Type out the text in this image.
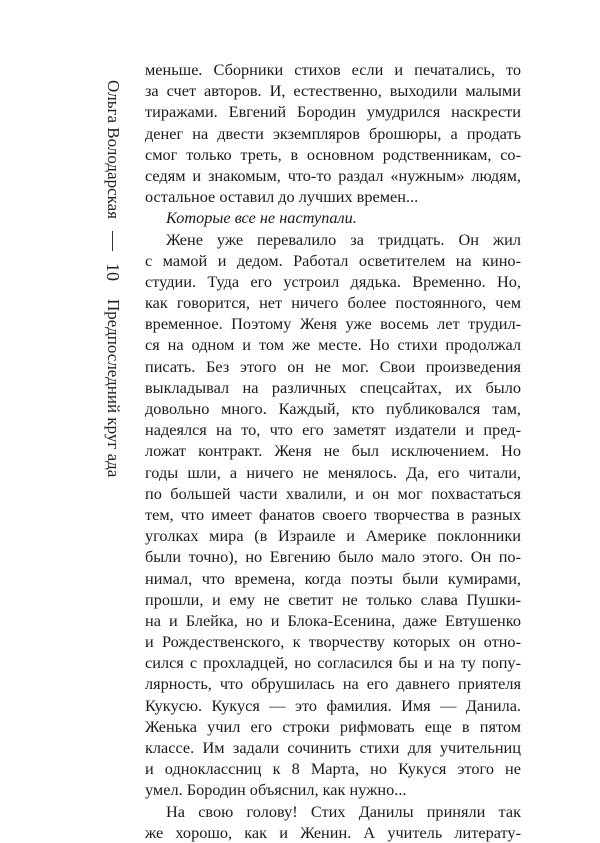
Ольга Володарская
10
Предпоследний круг ада
меньше. Сборники стихов если и печатались, то
за счет авторов. И, естественно, выходили малыми
тиражами. Евгений Бородин умудрился наскрести
денег на двести экземпляров брошюры, а продать
смог только треть, в основном родственникам, со-
седям и знакомым, что-то раздал «нужным» людям,
остальное оставил до лучших времен...
Которые все не наступали.
Жене уже перевалило за тридцать. Он жил
с мамой и дедом. Работал осветителем на кино-
студии. Туда его устроил дядька. Временно. Но,
как говорится, нет ничего более постоянного, чем
временное. Поэтому Женя уже восемь лет трудил-
ся на одном и том же месте. Но стихи продолжал
писать. Без этого он не мог. Свои произведения
выкладывал на различных спецсайтах, их было
довольно много. Каждый, кто публиковался там,
надеялся на то, что его заметят издатели и пред-
ложат контракт. Женя не был исключением. Но
годы шли, а ничего не менялось. Да, его читали,
по большей части хвалили, и он мог похвастаться
тем, что имеет фанатов своего творчества в разных
уголках мира (в Израиле и Америке поклонники
были точно), но Евгению было мало этого. Он по-
нимал, что времена, когда поэты были кумирами,
прошли, и ему не светит не только слава Пушки-
на и Блейка, но и Блока-Есенина, даже Евтушенко
и Рождественского, к творчеству которых он отно-
сился с прохладцей, но согласился бы и на ту попу-
лярность, что обрушилась на его давнего приятеля
Кукусю. Кукуся — это фамилия. Имя — Данила.
Женька учил его строки рифмовать еще в пятом
классе. Им задали сочинить стихи для учительниц
и одноклассниц к 8 Марта, но Кукуся этого не
умел. Бородин объяснил, как нужно...
На свою голову! Стих Данилы приняли так
же хорошо, как и Женин. А учитель литерату-
